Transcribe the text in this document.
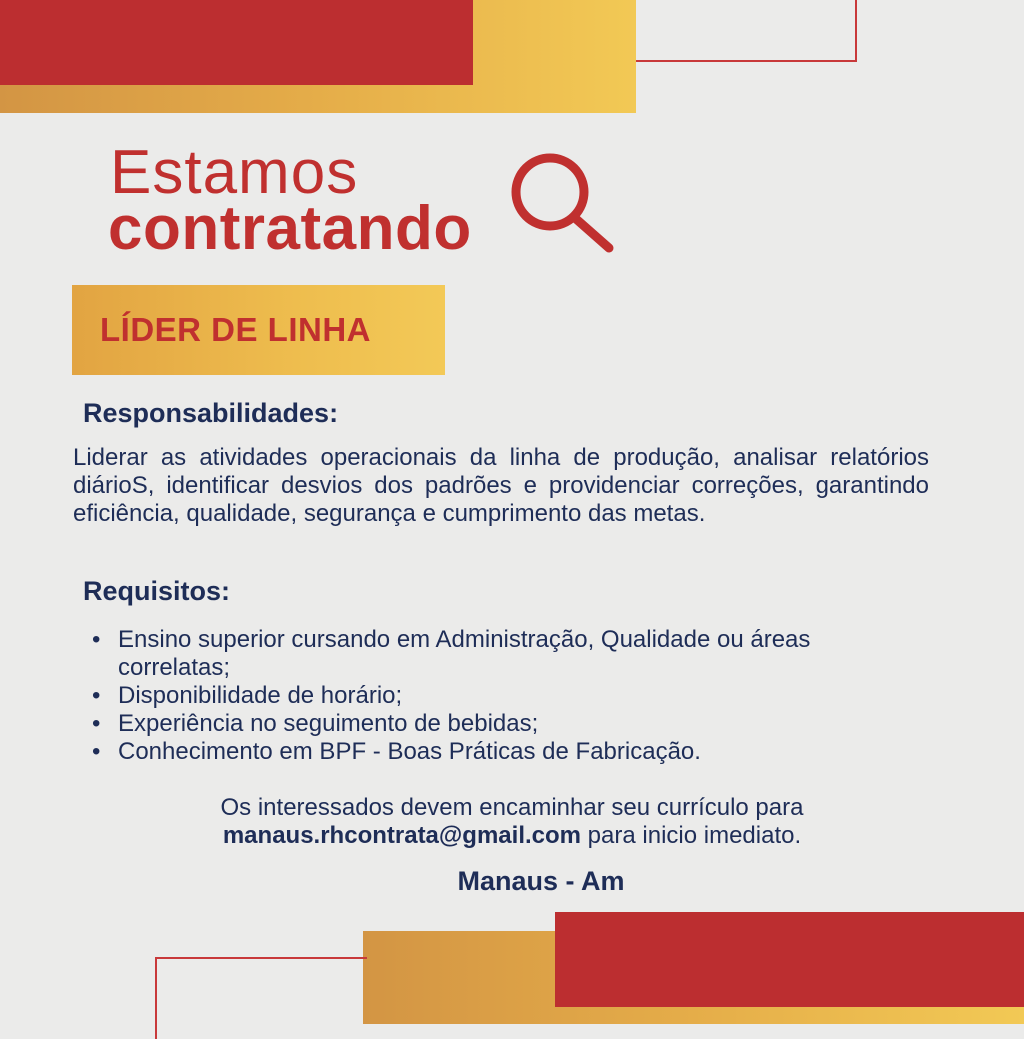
Estamos
contratando
LÍDER DE LINHA
Responsabilidades:
Liderar as atividades operacionais da linha de produção, analisar relatórios diárioS, identificar desvios dos padrões e providenciar correções, garantindo eficiência, qualidade, segurança e cumprimento das metas.
Requisitos:
• Ensino superior cursando em Administração, Qualidade ou áreas correlatas;
• Disponibilidade de horário;
• Experiência no seguimento de bebidas;
• Conhecimento em BPF - Boas Práticas de Fabricação.
Os interessados devem encaminhar seu currículo para
manaus.rhcontrata@gmail.com para inicio imediato.
Manaus - Am
